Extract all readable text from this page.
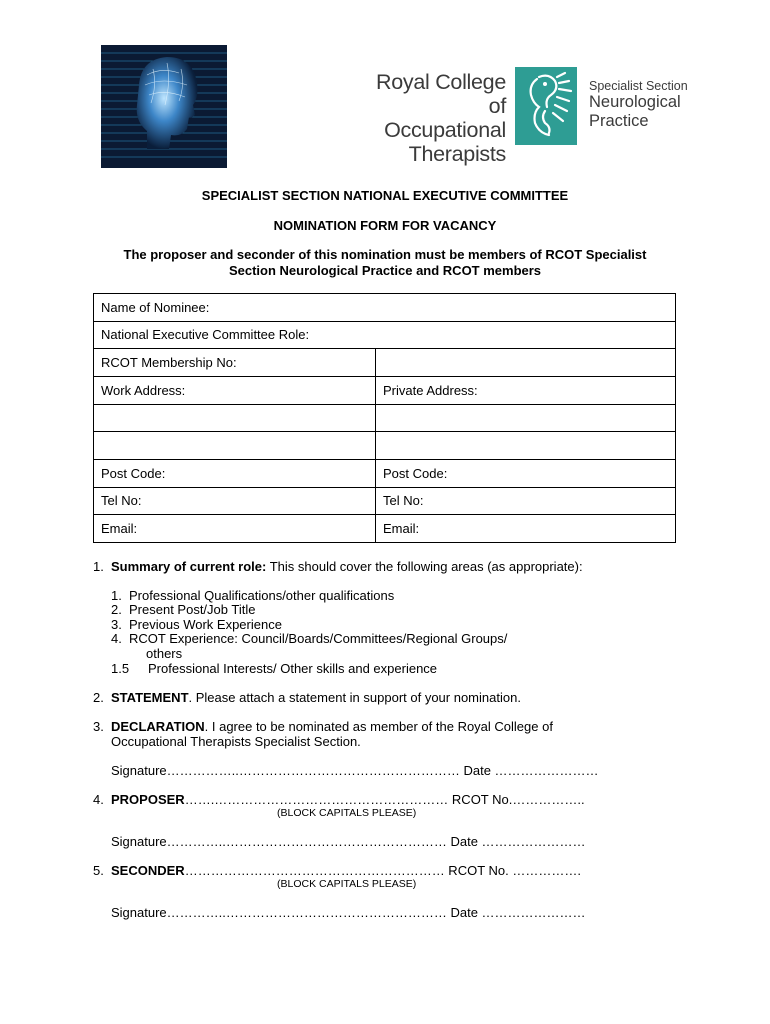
Royal College of
Occupational
Therapists
Specialist Section
Neurological
Practice
SPECIALIST SECTION NATIONAL EXECUTIVE COMMITTEE
NOMINATION FORM FOR VACANCY
The proposer and seconder of this nomination must be members of RCOT Specialist
Section Neurological Practice and RCOT members
Name of Nominee:	
National Executive Committee Role:	
RCOT Membership No:	
Work Address:	Private Address:

Post Code:	Post Code:
Tel No:	Tel No:
Email:	Email:
1. Summary of current role: This should cover the following areas (as appropriate):
1. Professional Qualifications/other qualifications
2. Present Post/Job Title
3. Previous Work Experience
4. RCOT Experience: Council/Boards/Committees/Regional Groups/
others
1.5 Professional Interests/ Other skills and experience
2. STATEMENT. Please attach a statement in support of your nomination.
3. DECLARATION. I agree to be nominated as member of the Royal College of
Occupational Therapists Specialist Section.
Signature……………..…………………………………………… Date ……………………
4. PROPOSER…….……………………………………………… RCOT No.……………..
(BLOCK CAPITALS PLEASE)
Signature…………..…………………………………………… Date ……………………
5. SECONDER…………………………………………………… RCOT No. …………….
(BLOCK CAPITALS PLEASE)
Signature…………..…………………………………………… Date ……………………
